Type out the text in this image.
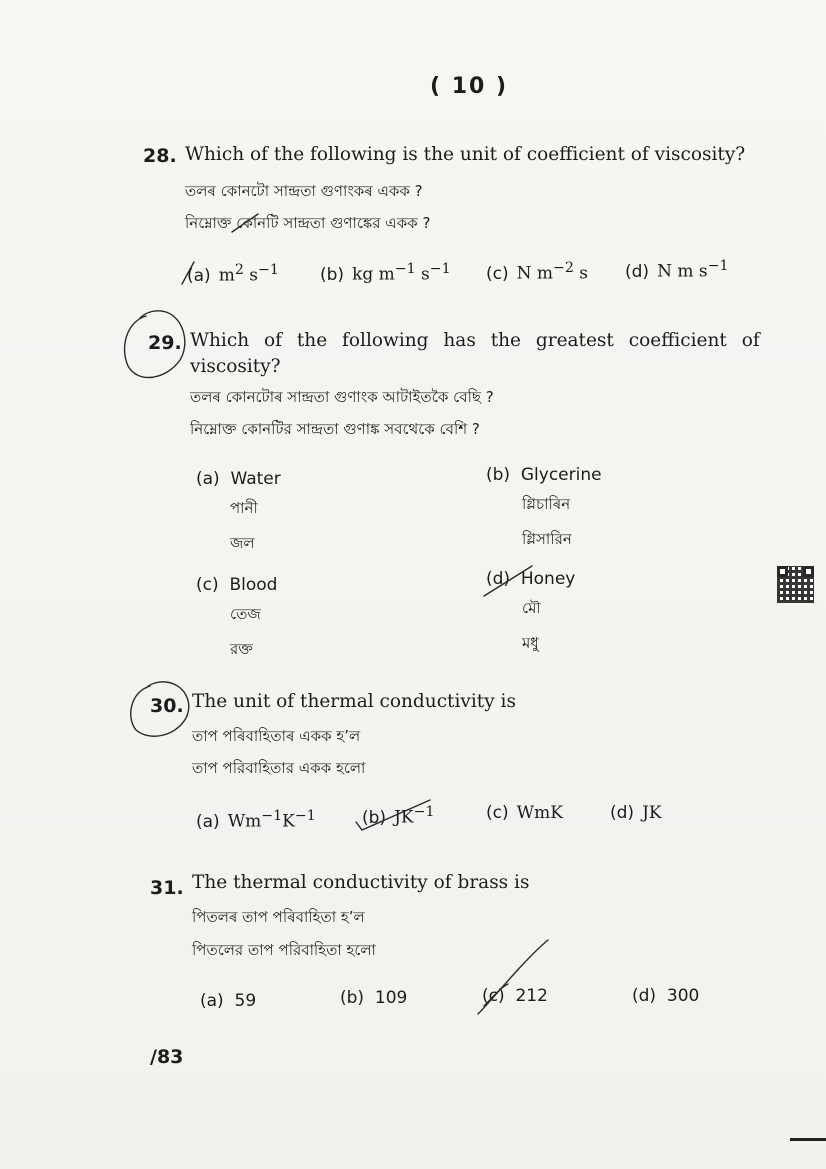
( 10 )
28. Which of the following is the unit of coefficient of viscosity?
তলৰ কোনটো সান্দ্ৰতা গুণাংকৰ একক ?
নিম্নোক্ত কোনটি সান্দ্রতা গুণাঙ্কের একক ?
(a) $m^2$ $s^{-1}$ (b) kg $m^{-1}$ $s^{-1}$ (c) N $m^{-2}$ s (d) N m $s^{-1}$
29. Which of the following has the greatest coefficient of
viscosity?
তলৰ কোনটোৰ সান্দ্ৰতা গুণাংক আটাইতকৈ বেছি ?
নিম্নোক্ত কোনটির সান্দ্রতা গুণাঙ্ক সবথেকে বেশি ?
(a) Water
পানী
জল
(b) Glycerine
গ্লিচাৰিন
গ্লিসারিন
(c) Blood
তেজ
রক্ত
(d) Honey
মৌ
মধু
30. The unit of thermal conductivity is
তাপ পৰিবাহিতাৰ একক হ’ল
তাপ পরিবাহিতার একক হলো
(a) $Wm^{-1}K^{-1}$	(b) $JK^{-1}$	(c) WmK	(d) JK
31. The thermal conductivity of brass is
পিতলৰ তাপ পৰিবাহিতা হ’ল
পিতলের তাপ পরিবাহিতা হলো
(a) 59	(b) 109	(c) 212	(d) 300
/83
